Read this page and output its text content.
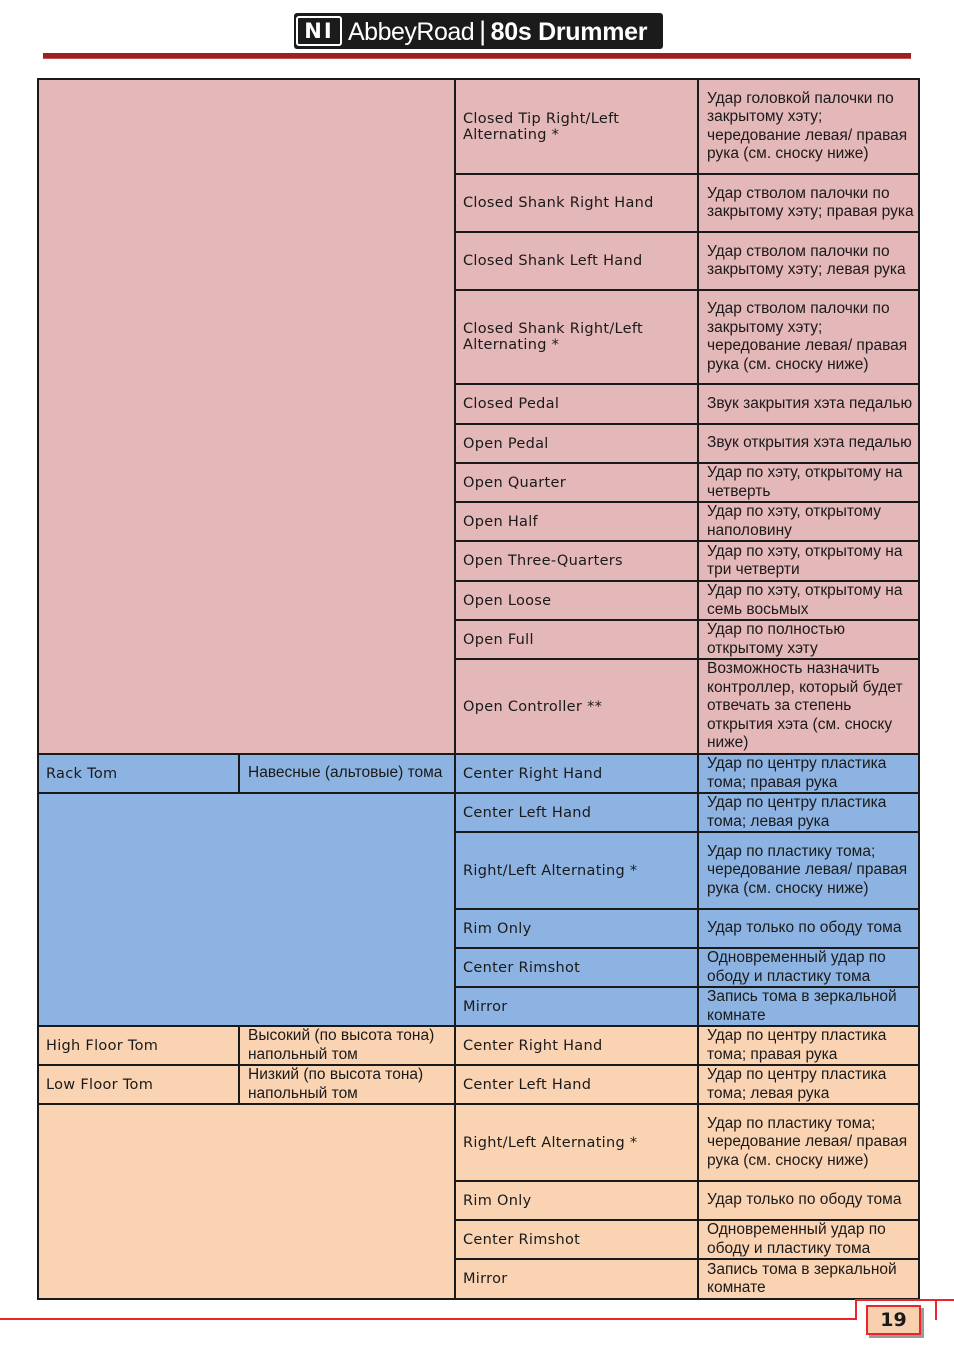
NI AbbeyRoad | 80s Drummer
		Closed Tip Right/Left Alternating *	Удар головкой палочки по закрытому хэту; чередование левая/ правая рука (см. сноску ниже)
		Closed Shank Right Hand	Удар стволом палочки по закрытому хэту; правая рука
		Closed Shank Left Hand	Удар стволом палочки по закрытому хэту; левая рука
		Closed Shank Right/Left Alternating *	Удар стволом палочки по закрытому хэту; чередование левая/ правая рука (см. сноску ниже)
		Closed Pedal	Звук закрытия хэта педалью
		Open Pedal	Звук открытия хэта педалью
		Open Quarter	Удар по хэту, открытому на четверть
		Open Half	Удар по хэту, открытому наполовину
		Open Three-Quarters	Удар по хэту, открытому на три четверти
		Open Loose	Удар по хэту, открытому на семь восьмых
		Open Full	Удар по полностью открытому хэту
		Open Controller **	Возможность назначить контроллер, который будет отвечать за степень открытия хэта (см. сноску ниже)
Rack Tom	Навесные (альтовые) тома	Center Right Hand	Удар по центру пластика тома; правая рука
		Center Left Hand	Удар по центру пластика тома; левая рука
		Right/Left Alternating *	Удар по пластику тома; чередование левая/ правая рука (см. сноску ниже)
		Rim Only	Удар только по ободу тома
		Center Rimshot	Одновременный удар по ободу и пластику тома
		Mirror	Запись тома в зеркальной комнате
High Floor Tom	Высокий (по высота тона) напольный том	Center Right Hand	Удар по центру пластика тома; правая рука
Low Floor Tom	Низкий (по высота тона) напольный том	Center Left Hand	Удар по центру пластика тома; левая рука
		Right/Left Alternating *	Удар по пластику тома; чередование левая/ правая рука (см. сноску ниже)
		Rim Only	Удар только по ободу тома
		Center Rimshot	Одновременный удар по ободу и пластику тома
		Mirror	Запись тома в зеркальной комнате
19
